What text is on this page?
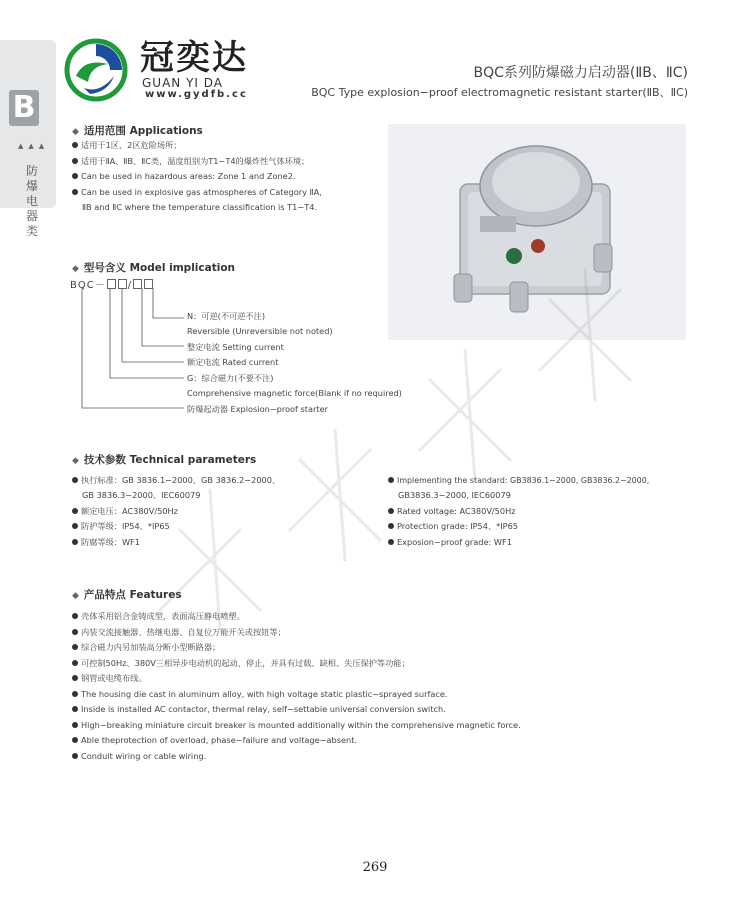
B
▲▲▲
防爆电器类
冠奕达
GUAN YI DA
www.gydfb.cc
BQC系列防爆磁力启动器(ⅡB、ⅡC)
BQC Type explosion−proof electromagnetic resistant starter(ⅡB、ⅡC)
◆ 适用范围 Applications
适用于1区、2区危险场所；
适用于ⅡA、ⅡB、ⅡC类，温度组别为T1−T4的爆炸性气体环境；
Can be used in hazardous areas: Zone 1 and Zone2.
Can be used in explosive gas atmospheres of Category ⅡA,
ⅡB and ⅡC where the temperature classification is T1−T4.
◆ 型号含义 Model implication
BQC－ /
N：可逆(不可逆不注)
Reversible (Unreversible not noted)
整定电流 Setting current
额定电流 Rated current
G：综合磁力(不要不注)
Comprehensive magnetic force(Blank if no required)
防爆起动器 Explosion−proof starter
◆ 技术参数 Technical parameters
执行标准：GB 3836.1−2000、GB 3836.2−2000、
GB 3836.3−2000、IEC60079
额定电压：AC380V/50Hz
防护等级：IP54、*IP65
防腐等级：WF1
Implementing the standard: GB3836.1−2000, GB3836.2−2000,
GB3836.3−2000, IEC60079
Rated voltage: AC380V/50Hz
Protection grade: IP54、*IP65
Exposion−proof grade: WF1
◆ 产品特点 Features
壳体采用铝合金铸成型，表面高压静电喷塑。
内装交流接触器、热继电器、自复位万能开关或按钮等；
综合磁力内另加装高分断小型断路器；
可控制50Hz、380V三相异步电动机的起动、停止，并具有过载、缺相、失压保护等功能；
钢管或电缆布线。
The housing die cast in aluminum alloy, with high voltage static plastic−sprayed surface.
Inside is installed AC contactor, thermal relay, self−settabie universal conversion switch.
High−breaking miniature circuit breaker is mounted additionally within the comprehensive magnetic force.
Able theprotection of overload, phase−failure and voltage−absent.
Conduit wiring or cable wiring.
269
